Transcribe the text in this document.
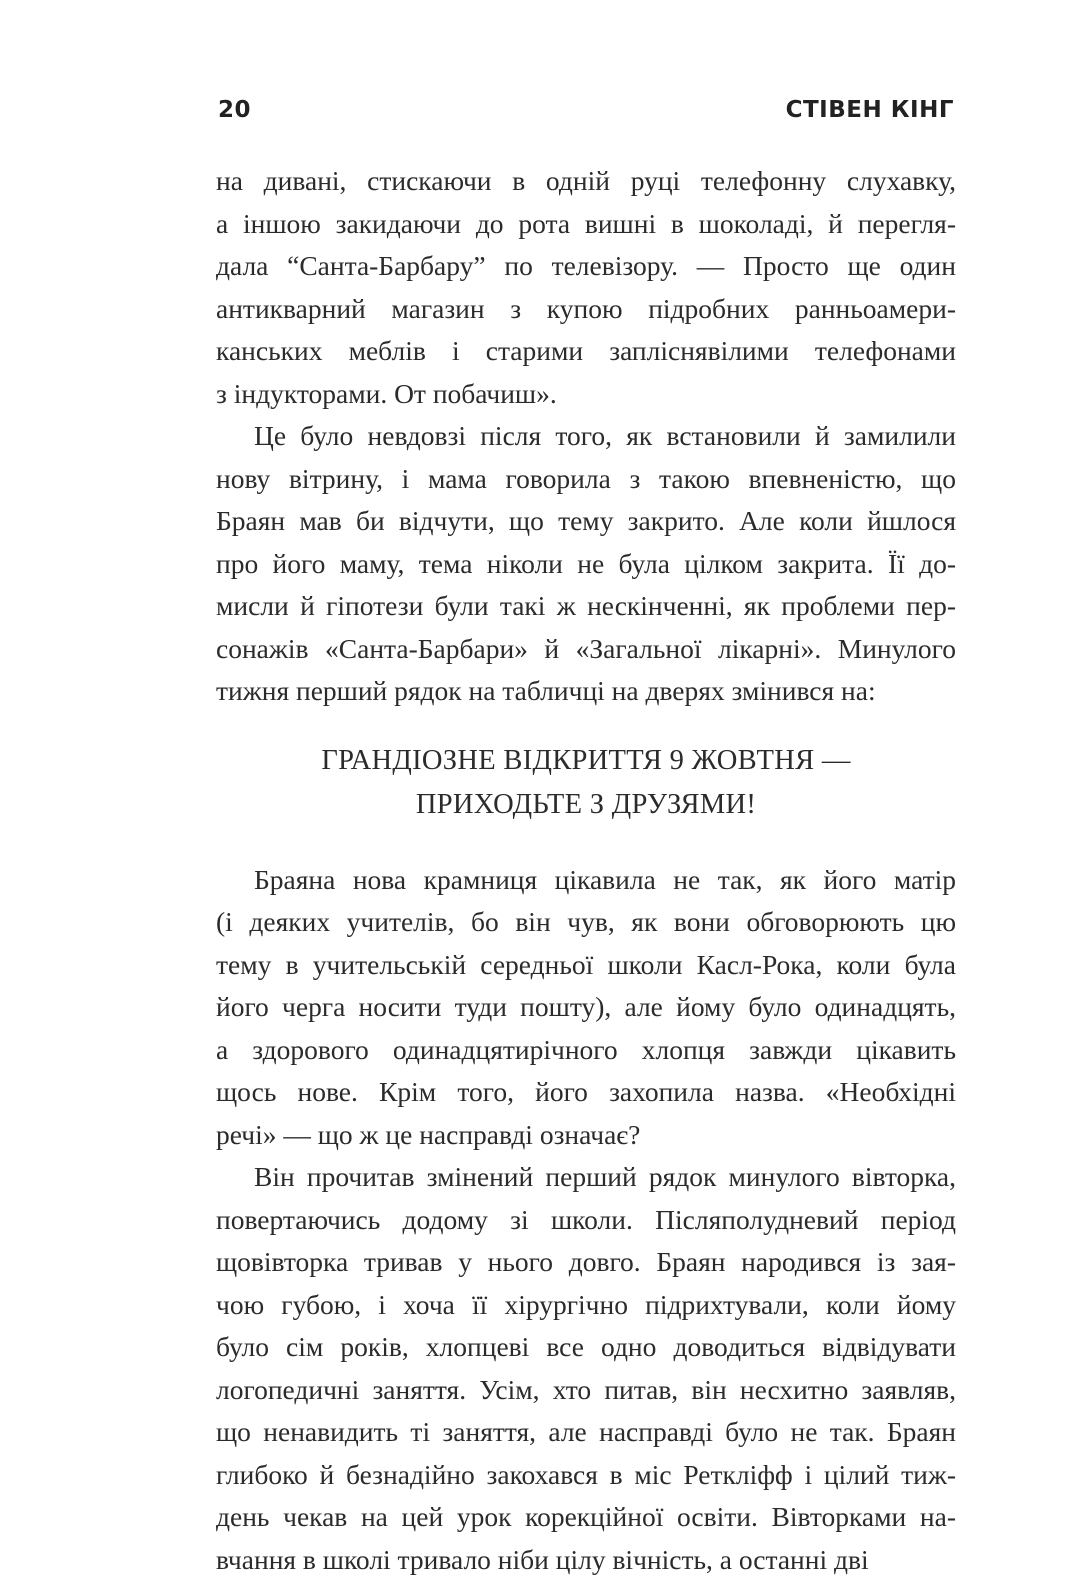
20	СТІВЕН КІНГ
на дивані, стискаючи в одній руці телефонну слухавку,
а іншою закидаючи до рота вишні в шоколаді, й перегля-
дала “Санта-Барбару” по телевізору. — Просто ще один
антикварний магазин з купою підробних ранньоамери-
канських меблів і старими запліснявілими телефонами
з індукторами. От побачиш».
Це було невдовзі після того, як встановили й замилили
нову вітрину, і мама говорила з такою впевненістю, що
Браян мав би відчути, що тему закрито. Але коли йшлося
про його маму, тема ніколи не була цілком закрита. Її до-
мисли й гіпотези були такі ж нескінченні, як проблеми пер-
сонажів «Санта-Барбари» й «Загальної лікарні». Минулого
тижня перший рядок на табличці на дверях змінився на:
ГРАНДІОЗНЕ ВІДКРИТТЯ 9 ЖОВТНЯ —
ПРИХОДЬТЕ З ДРУЗЯМИ!
Браяна нова крамниця цікавила не так, як його матір
(і деяких учителів, бо він чув, як вони обговорюють цю
тему в учительській середньої школи Касл-Рока, коли була
його черга носити туди пошту), але йому було одинадцять,
а здорового одинадцятирічного хлопця завжди цікавить
щось нове. Крім того, його захопила назва. «Необхідні
речі» — що ж це насправді означає?
Він прочитав змінений перший рядок минулого вівторка,
повертаючись додому зі школи. Післяполудневий період
щовівторка тривав у нього довго. Браян народився із зая-
чою губою, і хоча її хірургічно підрихтували, коли йому
було сім років, хлопцеві все одно доводиться відвідувати
логопедичні заняття. Усім, хто питав, він несхитно заявляв,
що ненавидить ті заняття, але насправді було не так. Браян
глибоко й безнадійно закохався в міс Реткліфф і цілий тиж-
день чекав на цей урок корекційної освіти. Вівторками на-
вчання в школі тривало ніби цілу вічність, а останні дві
